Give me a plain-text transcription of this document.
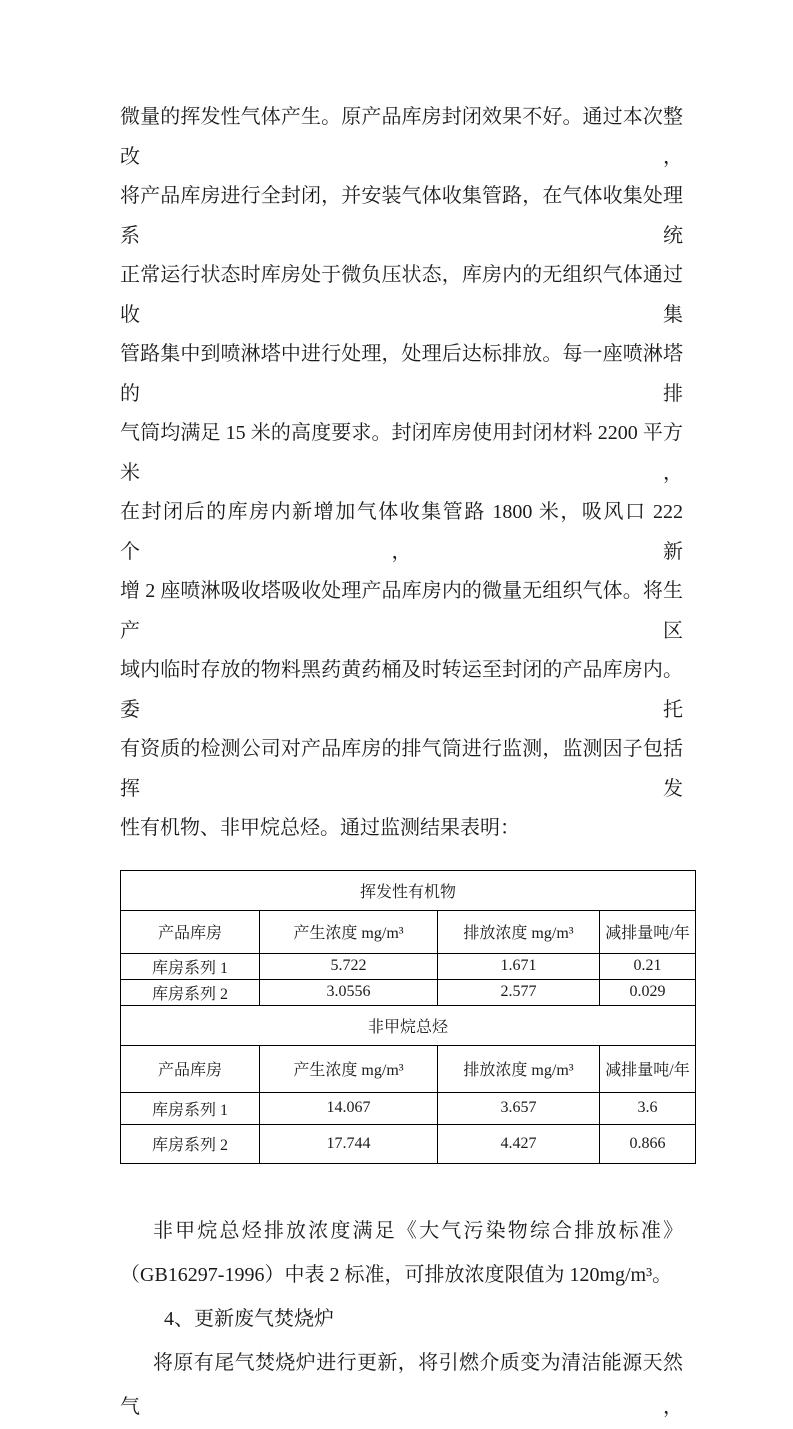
微量的挥发性气体产生。原产品库房封闭效果不好。通过本次整改，
将产品库房进行全封闭，并安装气体收集管路，在气体收集处理系统
正常运行状态时库房处于微负压状态，库房内的无组织气体通过收集
管路集中到喷淋塔中进行处理，处理后达标排放。每一座喷淋塔的排
气筒均满足 15 米的高度要求。封闭库房使用封闭材料 2200 平方米，
在封闭后的库房内新增加气体收集管路 1800 米，吸风口 222 个，新
增 2 座喷淋吸收塔吸收处理产品库房内的微量无组织气体。将生产区
域内临时存放的物料黑药黄药桶及时转运至封闭的产品库房内。委托
有资质的检测公司对产品库房的排气筒进行监测，监测因子包括挥发
性有机物、非甲烷总烃。通过监测结果表明：
挥发性有机物			
产品库房	产生浓度 mg/m³	排放浓度 mg/m³	减排量吨/年
库房系列 1	5.722	1.671	0.21
库房系列 2	3.0556	2.577	0.029
非甲烷总烃			
产品库房	产生浓度 mg/m³	排放浓度 mg/m³	减排量吨/年
库房系列 1	14.067	3.657	3.6
库房系列 2	17.744	4.427	0.866
非甲烷总烃排放浓度满足《大气污染物综合排放标准》
（GB16297-1996）中表 2 标准，可排放浓度限值为 120mg/m³。
4、更新废气焚烧炉
将原有尾气焚烧炉进行更新，将引燃介质变为清洁能源天然气，
